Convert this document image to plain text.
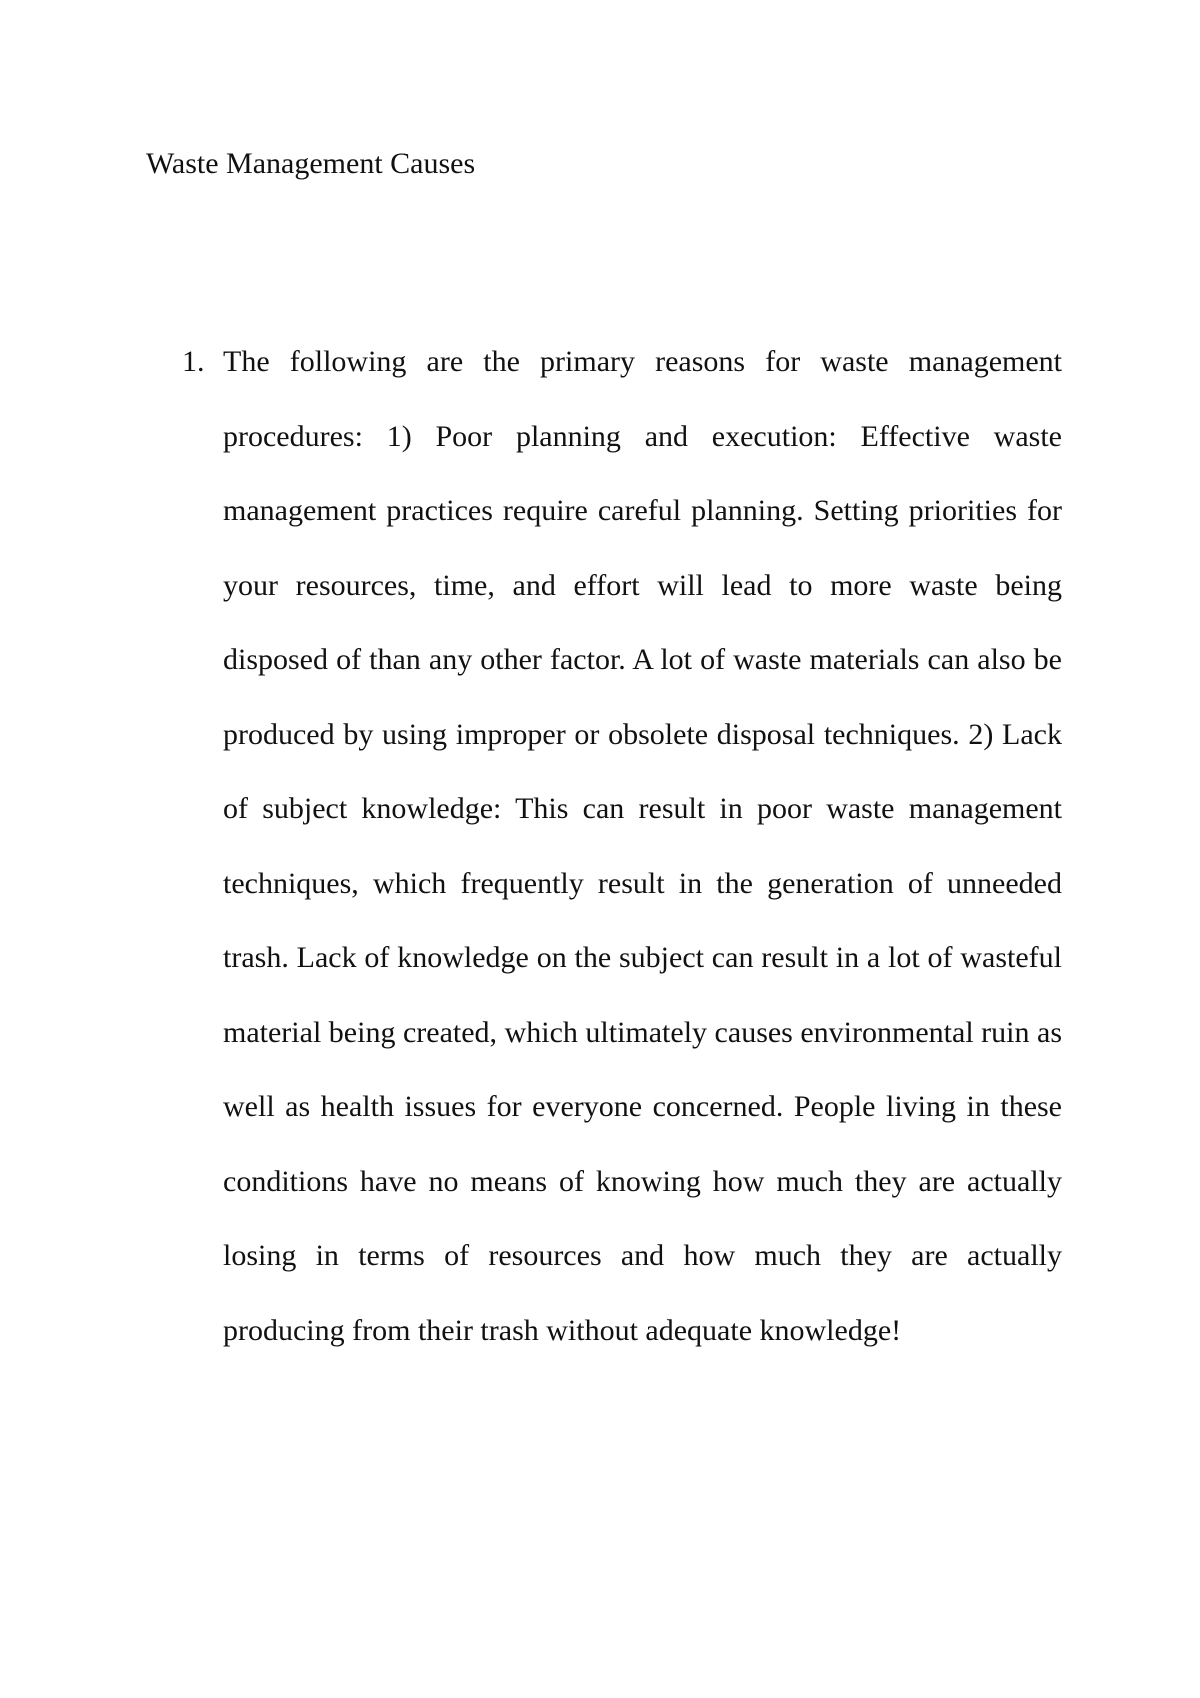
Waste Management Causes
1. The following are the primary reasons for waste management procedures: 1) Poor planning and execution: Effective waste management practices require careful planning. Setting priorities for your resources, time, and effort will lead to more waste being disposed of than any other factor. A lot of waste materials can also be produced by using improper or obsolete disposal techniques. 2) Lack of subject knowledge: This can result in poor waste management techniques, which frequently result in the generation of unneeded trash. Lack of knowledge on the subject can result in a lot of wasteful material being created, which ultimately causes environmental ruin as well as health issues for everyone concerned. People living in these conditions have no means of knowing how much they are actually losing in terms of resources and how much they are actually producing from their trash without adequate knowledge!
